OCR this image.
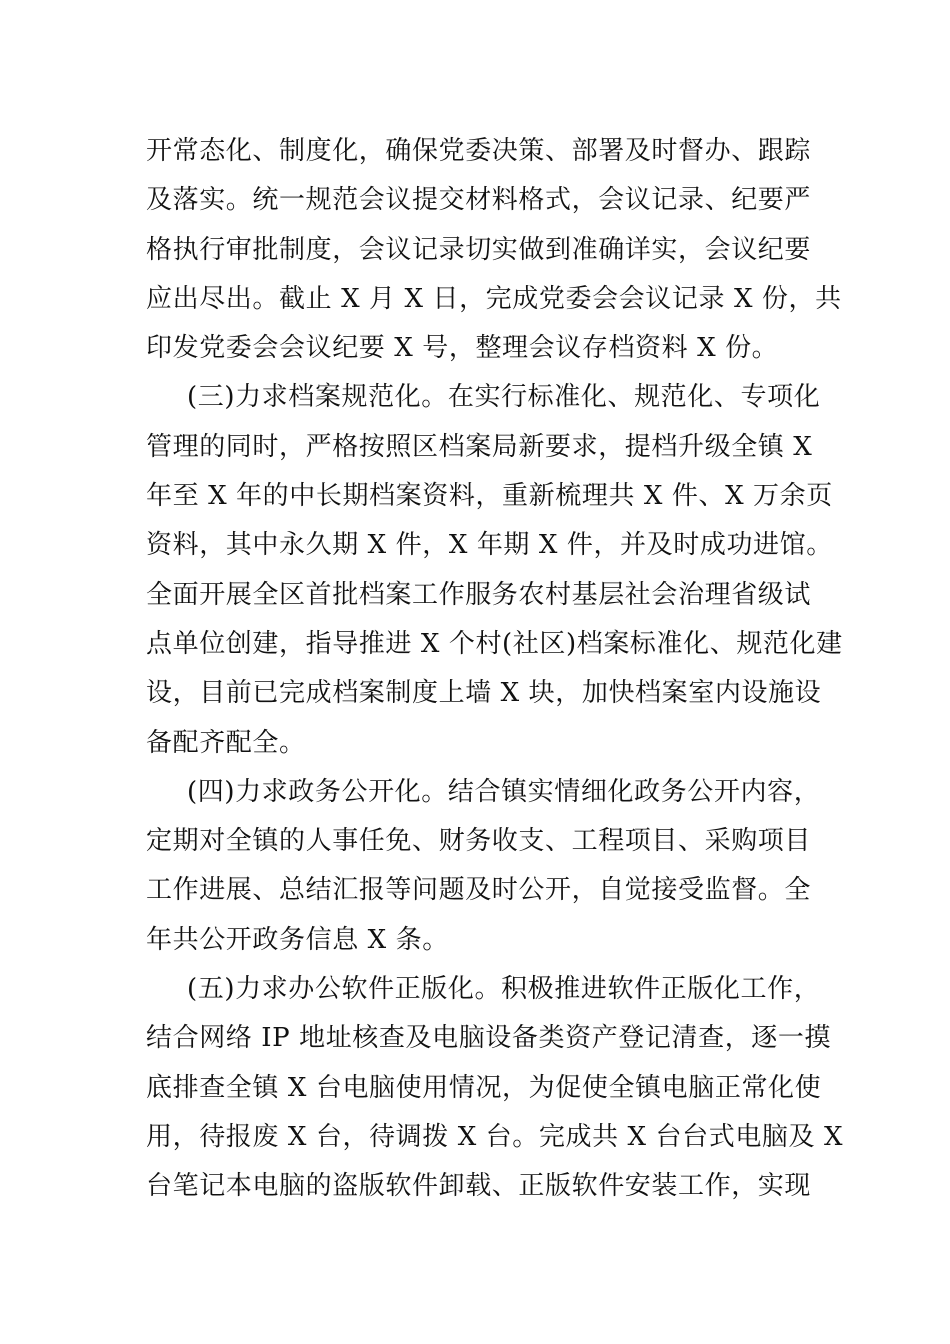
开常态化、制度化，确保党委决策、部署及时督办、跟踪
及落实。统一规范会议提交材料格式，会议记录、纪要严
格执行审批制度，会议记录切实做到准确详实，会议纪要
应出尽出。截止 X 月 X 日，完成党委会会议记录 X 份，共
印发党委会会议纪要 X 号，整理会议存档资料 X 份。
(三)力求档案规范化。在实行标准化、规范化、专项化
管理的同时，严格按照区档案局新要求，提档升级全镇 X
年至 X 年的中长期档案资料，重新梳理共 X 件、X 万余页
资料，其中永久期 X 件，X 年期 X 件，并及时成功进馆。
全面开展全区首批档案工作服务农村基层社会治理省级试
点单位创建，指导推进 X 个村(社区)档案标准化、规范化建
设，目前已完成档案制度上墙 X 块，加快档案室内设施设
备配齐配全。
(四)力求政务公开化。结合镇实情细化政务公开内容，
定期对全镇的人事任免、财务收支、工程项目、采购项目
工作进展、总结汇报等问题及时公开，自觉接受监督。全
年共公开政务信息 X 条。
(五)力求办公软件正版化。积极推进软件正版化工作，
结合网络 IP 地址核查及电脑设备类资产登记清查，逐一摸
底排查全镇 X 台电脑使用情况，为促使全镇电脑正常化使
用，待报废 X 台，待调拨 X 台。完成共 X 台台式电脑及 X
台笔记本电脑的盗版软件卸载、正版软件安装工作，实现
